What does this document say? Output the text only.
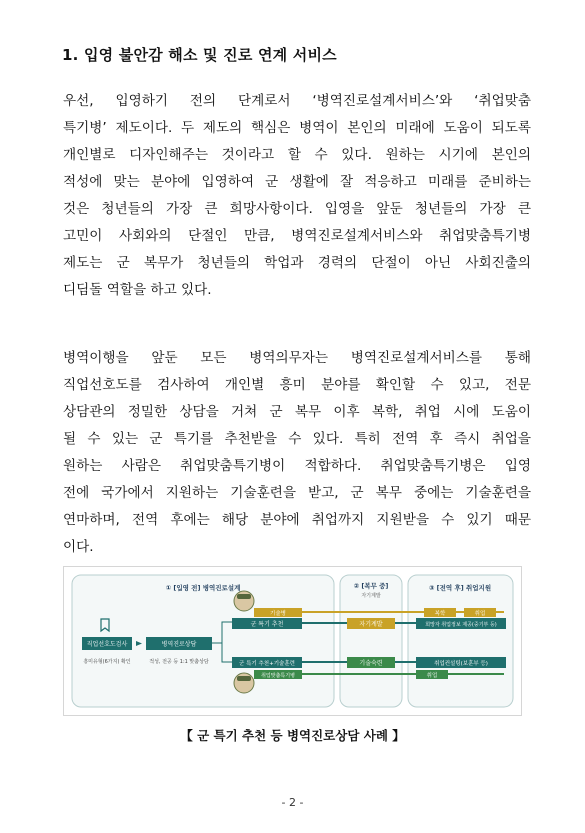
1. 입영 불안감 해소 및 진로 연계 서비스
우선, 입영하기 전의 단계로서 ‘병역진로설계서비스’와 ‘취업맞춤
특기병’ 제도이다. 두 제도의 핵심은 병역이 본인의 미래에 도움이 되도록
개인별로 디자인해주는 것이라고 할 수 있다. 원하는 시기에 본인의
적성에 맞는 분야에 입영하여 군 생활에 잘 적응하고 미래를 준비하는
것은 청년들의 가장 큰 희망사항이다. 입영을 앞둔 청년들의 가장 큰
고민이 사회와의 단절인 만큼, 병역진로설계서비스와 취업맞춤특기병
제도는 군 복무가 청년들의 학업과 경력의 단절이 아닌 사회진출의
디딤돌 역할을 하고 있다.
병역이행을 앞둔 모든 병역의무자는 병역진로설계서비스를 통해
직업선호도를 검사하여 개인별 흥미 분야를 확인할 수 있고, 전문
상담관의 정밀한 상담을 거쳐 군 복무 이후 복학, 취업 시에 도움이
될 수 있는 군 특기를 추천받을 수 있다. 특히 전역 후 즉시 취업을
원하는 사람은 취업맞춤특기병이 적합하다. 취업맞춤특기병은 입영
전에 국가에서 지원하는 기술훈련을 받고, 군 복무 중에는 기술훈련을
연마하며, 전역 후에는 해당 분야에 취업까지 지원받을 수 있기 때문
이다.
① [입영 전] 병역진로설계	② [복무 중]
자기계발
③ [전역 후] 취업지원
직업선호도검사
흥미유형(6가지) 확인
병역진로상담
적성, 전공 등 1:1 맞춤상담
기술병
군 특기 추천
군 특기 추천+기술훈련
취업맞춤특기병
자기계발
기술숙련
복학	취업
희망자 취업정보 제공(중기부 등)
취업컨설팅(보훈부 등)
취업
【 군 특기 추천 등 병역진로상담 사례 】
- 2 -
